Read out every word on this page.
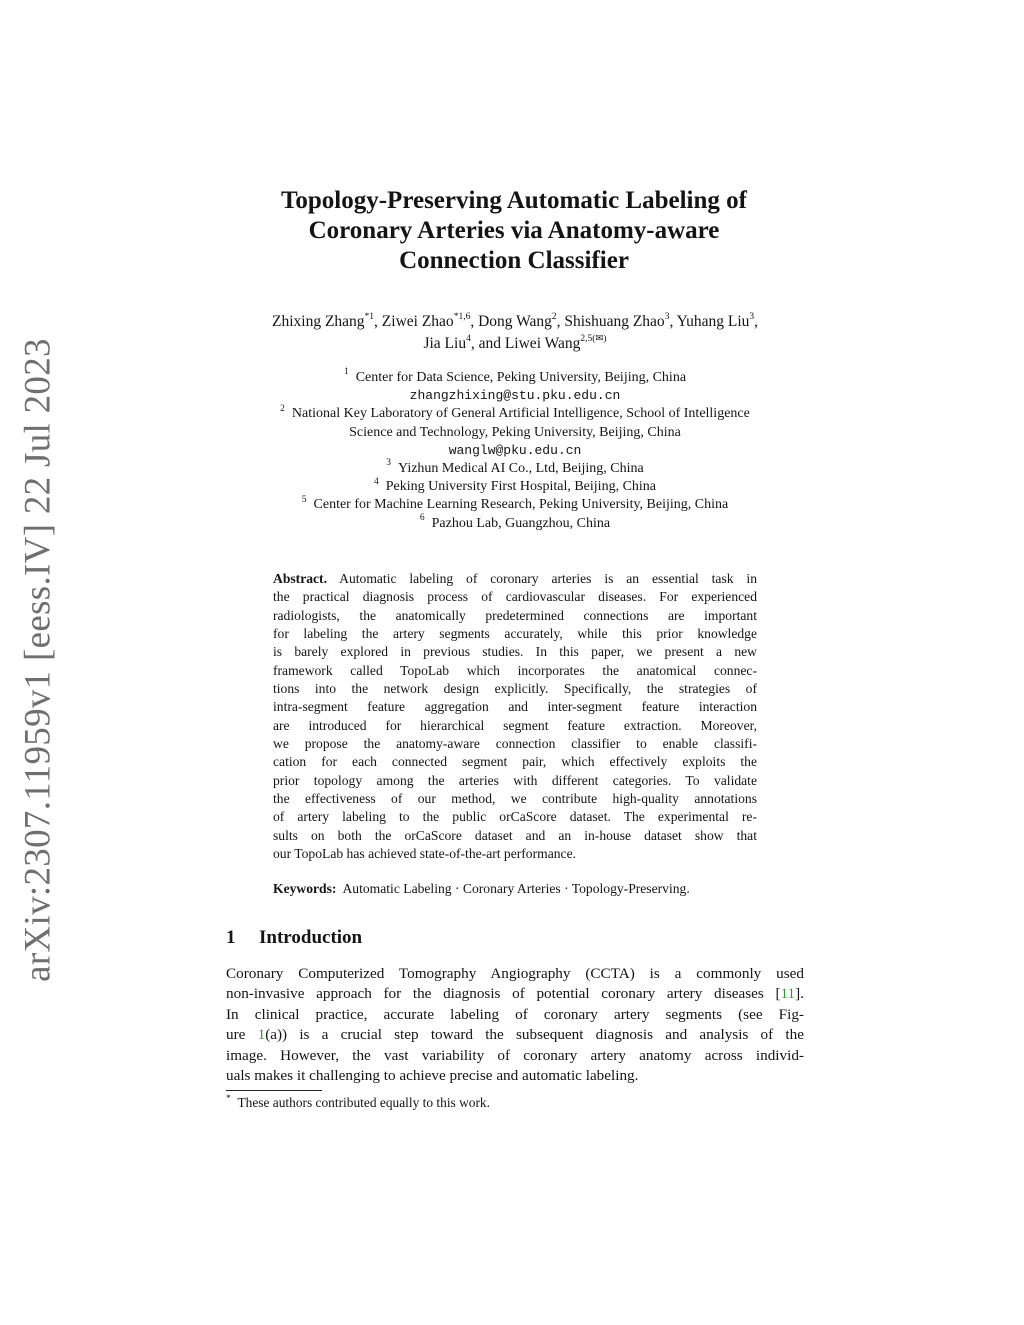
arXiv:2307.11959v1 [eess.IV] 22 Jul 2023
Topology-Preserving Automatic Labeling of
Coronary Arteries via Anatomy-aware
Connection Classifier
Zhixing Zhang$^{*1}$, Ziwei Zhao$^{*1,6}$, Dong Wang$^2$, Shishuang Zhao$^3$, Yuhang Liu$^3$,
Jia Liu$^4$, and Liwei Wang$^{2,5(✉)}$
$^1$ Center for Data Science, Peking University, Beijing, China
zhangzhixing@stu.pku.edu.cn
$^2$ National Key Laboratory of General Artificial Intelligence, School of Intelligence
Science and Technology, Peking University, Beijing, China
wanglw@pku.edu.cn
$^3$ Yizhun Medical AI Co., Ltd, Beijing, China
$^4$ Peking University First Hospital, Beijing, China
$^5$ Center for Machine Learning Research, Peking University, Beijing, China
$^6$ Pazhou Lab, Guangzhou, China
Abstract. Automatic labeling of coronary arteries is an essential task in
the practical diagnosis process of cardiovascular diseases. For experienced
radiologists, the anatomically predetermined connections are important
for labeling the artery segments accurately, while this prior knowledge
is barely explored in previous studies. In this paper, we present a new
framework called TopoLab which incorporates the anatomical connec-
tions into the network design explicitly. Specifically, the strategies of
intra-segment feature aggregation and inter-segment feature interaction
are introduced for hierarchical segment feature extraction. Moreover,
we propose the anatomy-aware connection classifier to enable classifi-
cation for each connected segment pair, which effectively exploits the
prior topology among the arteries with different categories. To validate
the effectiveness of our method, we contribute high-quality annotations
of artery labeling to the public orCaScore dataset. The experimental re-
sults on both the orCaScore dataset and an in-house dataset show that
our TopoLab has achieved state-of-the-art performance.
Keywords: Automatic Labeling · Coronary Arteries · Topology-Preserving.
1 Introduction
Coronary Computerized Tomography Angiography (CCTA) is a commonly used
non-invasive approach for the diagnosis of potential coronary artery diseases [11].
In clinical practice, accurate labeling of coronary artery segments (see Fig-
ure 1(a)) is a crucial step toward the subsequent diagnosis and analysis of the
image. However, the vast variability of coronary artery anatomy across individ-
uals makes it challenging to achieve precise and automatic labeling.
* These authors contributed equally to this work.
